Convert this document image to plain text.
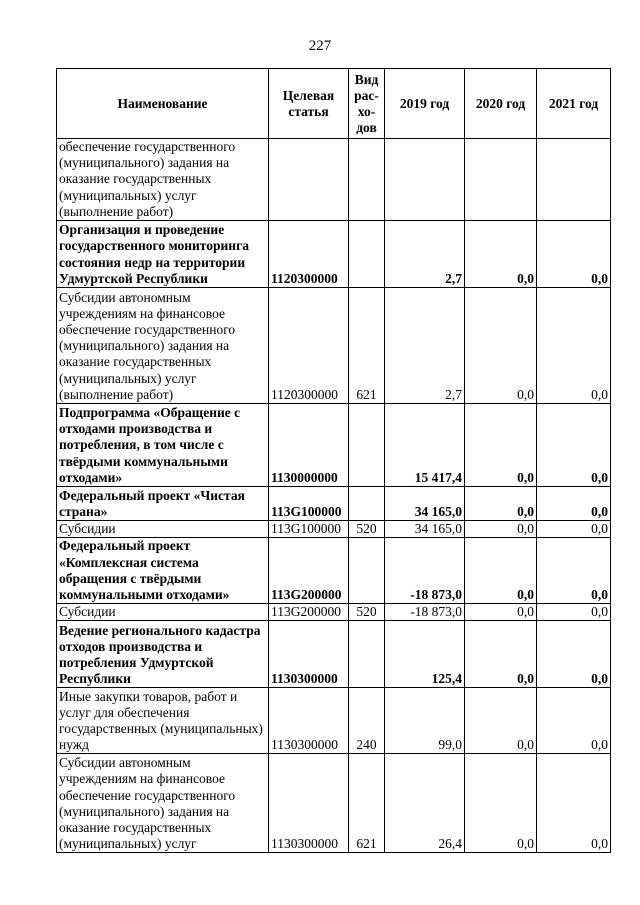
227
Наименование	Целевая статья	Вид рас-хо-дов	2019 год	2020 год	2021 год
обеспечение государственного (муниципального) задания на оказание государственных (муниципальных) услуг (выполнение работ)					
Организация и проведение государственного мониторинга состояния недр на территории Удмуртской Республики	1120300000		2,7	0,0	0,0
Субсидии автономным учреждениям на финансовое обеспечение государственного (муниципального) задания на оказание государственных (муниципальных) услуг (выполнение работ)	1120300000	621	2,7	0,0	0,0
Подпрограмма «Обращение с отходами производства и потребления, в том числе с твёрдыми коммунальными отходами»	1130000000		15 417,4	0,0	0,0
Федеральный проект «Чистая страна»	113G100000		34 165,0	0,0	0,0
Субсидии	113G100000	520	34 165,0	0,0	0,0
Федеральный проект «Комплексная система обращения с твёрдыми коммунальными отходами»	113G200000		-18 873,0	0,0	0,0
Субсидии	113G200000	520	-18 873,0	0,0	0,0
Ведение регионального кадастра отходов производства и потребления Удмуртской Республики	1130300000		125,4	0,0	0,0
Иные закупки товаров, работ и услуг для обеспечения государственных (муниципальных) нужд	1130300000	240	99,0	0,0	0,0
Субсидии автономным учреждениям на финансовое обеспечение государственного (муниципального) задания на оказание государственных (муниципальных) услуг	1130300000	621	26,4	0,0	0,0
